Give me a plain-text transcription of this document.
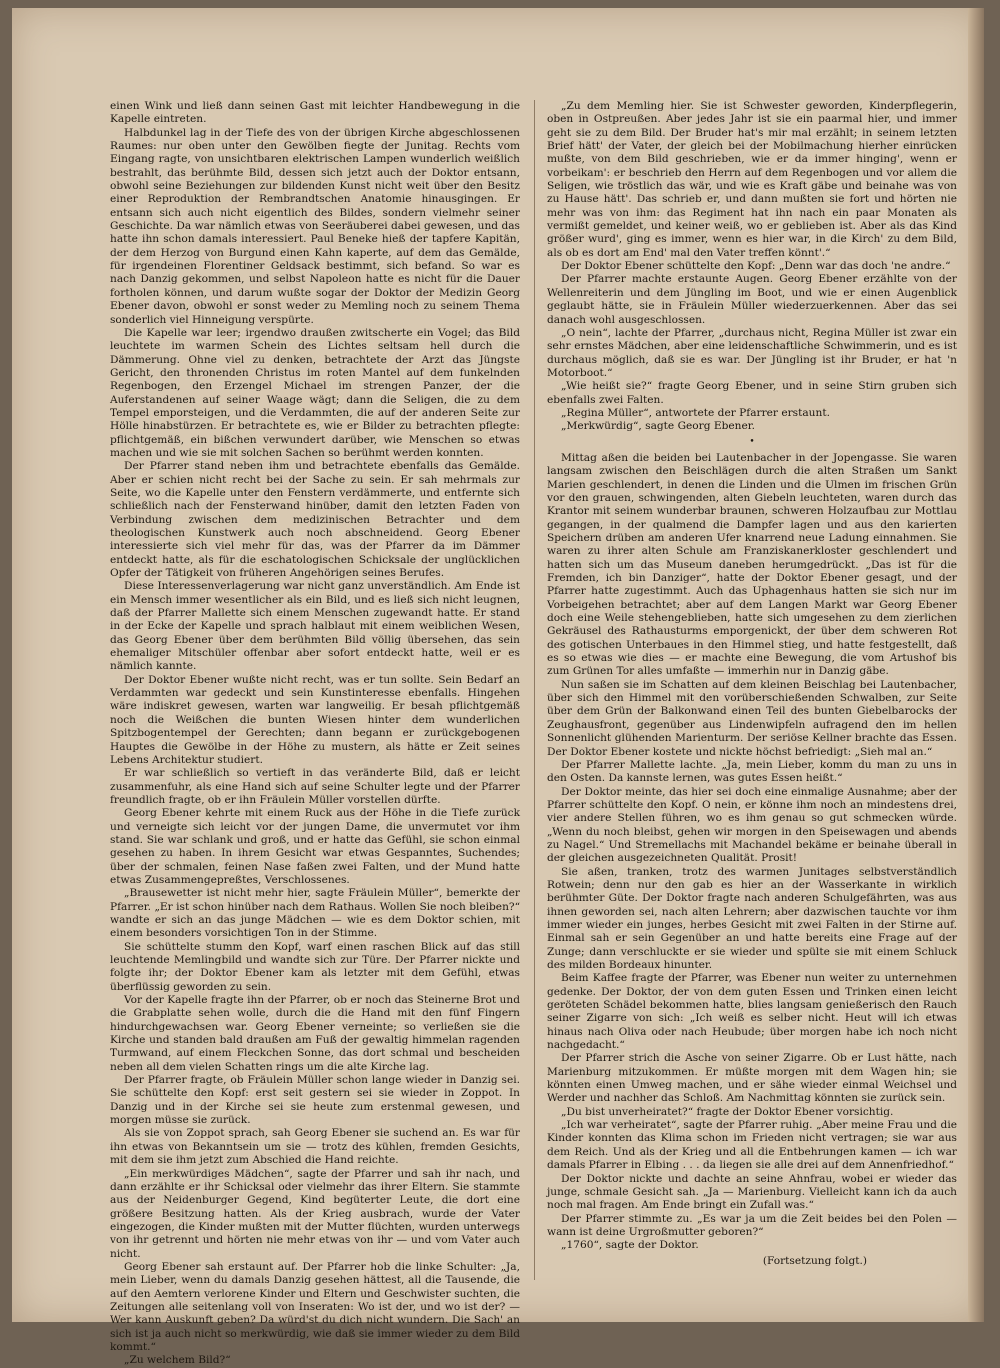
einen Wink und ließ dann seinen Gast mit leichter Handbewegung in die Kapelle eintreten.

Halbdunkel lag in der Tiefe des von der übrigen Kirche abgeschlossenen Raumes: nur oben unter den Gewölben fiegte der Junitag. Rechts vom Eingang ragte, von unsichtbaren elektrischen Lampen wunderlich weißlich bestrahlt, das berühmte Bild, dessen sich jetzt auch der Doktor entsann, obwohl seine Beziehungen zur bildenden Kunst nicht weit über den Besitz einer Reproduktion der Rembrandtschen Anatomie hinausgingen. Er entsann sich auch nicht eigentlich des Bildes, sondern vielmehr seiner Geschichte. Da war nämlich etwas von Seeräuberei dabei gewesen, und das hatte ihn schon damals interessiert. Paul Beneke hieß der tapfere Kapitän, der dem Herzog von Burgund einen Kahn kaperte, auf dem das Gemälde, für irgendeinen Florentiner Geldsack bestimmt, sich befand. So war es nach Danzig gekommen, und selbst Napoleon hatte es nicht für die Dauer fortholen können, und darum wußte sogar der Doktor der Medizin Georg Ebener davon, obwohl er sonst weder zu Memling noch zu seinem Thema sonderlich viel Hinneigung verspürte.

Die Kapelle war leer; irgendwo draußen zwitscherte ein Vogel; das Bild leuchtete im warmen Schein des Lichtes seltsam hell durch die Dämmerung. Ohne viel zu denken, betrachtete der Arzt das Jüngste Gericht, den thronenden Christus im roten Mantel auf dem funkelnden Regenbogen, den Erzengel Michael im strengen Panzer, der die Auferstandenen auf seiner Waage wägt; dann die Seligen, die zu dem Tempel emporsteigen, und die Verdammten, die auf der anderen Seite zur Hölle hinabstürzen. Er betrachtete es, wie er Bilder zu betrachten pflegte: pflichtgemäß, ein bißchen verwundert darüber, wie Menschen so etwas machen und wie sie mit solchen Sachen so berühmt werden konnten.

Der Pfarrer stand neben ihm und betrachtete ebenfalls das Gemälde. Aber er schien nicht recht bei der Sache zu sein. Er sah mehrmals zur Seite, wo die Kapelle unter den Fenstern verdämmerte, und entfernte sich schließlich nach der Fensterwand hinüber, damit den letzten Faden von Verbindung zwischen dem medizinischen Betrachter und dem theologischen Kunstwerk auch noch abschneidend. Georg Ebener interessierte sich viel mehr für das, was der Pfarrer da im Dämmer entdeckt hatte, als für die eschatologischen Schicksale der unglücklichen Opfer der Tätigkeit von früheren Angehörigen seines Berufes.

Diese Interessenverlagerung war nicht ganz unverständlich. Am Ende ist ein Mensch immer wesentlicher als ein Bild, und es ließ sich nicht leugnen, daß der Pfarrer Mallette sich einem Menschen zugewandt hatte. Er stand in der Ecke der Kapelle und sprach halblaut mit einem weiblichen Wesen, das Georg Ebener über dem berühmten Bild völlig übersehen, das sein ehemaliger Mitschüler offenbar aber sofort entdeckt hatte, weil er es nämlich kannte.

Der Doktor Ebener wußte nicht recht, was er tun sollte. Sein Bedarf an Verdammten war gedeckt und sein Kunstinteresse ebenfalls. Hingehen wäre indiskret gewesen, warten war langweilig. Er besah pflichtgemäß noch die Weißchen die bunten Wiesen hinter dem wunderlichen Spitzbogentempel der Gerechten; dann begann er zurückgebogenen Hauptes die Gewölbe in der Höhe zu mustern, als hätte er Zeit seines Lebens Architektur studiert.

Er war schließlich so vertieft in das veränderte Bild, daß er leicht zusammenfuhr, als eine Hand sich auf seine Schulter legte und der Pfarrer freundlich fragte, ob er ihn Fräulein Müller vorstellen dürfte.

Georg Ebener kehrte mit einem Ruck aus der Höhe in die Tiefe zurück und verneigte sich leicht vor der jungen Dame, die unvermutet vor ihm stand. Sie war schlank und groß, und er hatte das Gefühl, sie schon einmal gesehen zu haben. In ihrem Gesicht war etwas Gespanntes, Suchendes; über der schmalen, feinen Nase faßen zwei Falten, und der Mund hatte etwas Zusammengepreßtes, Verschlossenes.

„Brausewetter ist nicht mehr hier, sagte Fräulein Müller“, bemerkte der Pfarrer. „Er ist schon hinüber nach dem Rathaus. Wollen Sie noch bleiben?“ wandte er sich an das junge Mädchen — wie es dem Doktor schien, mit einem besonders vorsichtigen Ton in der Stimme.

Sie schüttelte stumm den Kopf, warf einen raschen Blick auf das still leuchtende Memlingbild und wandte sich zur Türe. Der Pfarrer nickte und folgte ihr; der Doktor Ebener kam als letzter mit dem Gefühl, etwas überflüssig geworden zu sein.

Vor der Kapelle fragte ihn der Pfarrer, ob er noch das Steinerne Brot und die Grabplatte sehen wolle, durch die die Hand mit den fünf Fingern hindurchgewachsen war. Georg Ebener verneinte; so verließen sie die Kirche und standen bald draußen am Fuß der gewaltig himmelan ragenden Turmwand, auf einem Fleckchen Sonne, das dort schmal und bescheiden neben all dem vielen Schatten rings um die alte Kirche lag.

Der Pfarrer fragte, ob Fräulein Müller schon lange wieder in Danzig sei. Sie schüttelte den Kopf: erst seit gestern sei sie wieder in Zoppot. In Danzig und in der Kirche sei sie heute zum erstenmal gewesen, und morgen müsse sie zurück.

Als sie von Zoppot sprach, sah Georg Ebener sie suchend an. Es war für ihn etwas von Bekanntsein um sie — trotz des kühlen, fremden Gesichts, mit dem sie ihm jetzt zum Abschied die Hand reichte.

„Ein merkwürdiges Mädchen“, sagte der Pfarrer und sah ihr nach, und dann erzählte er ihr Schicksal oder vielmehr das ihrer Eltern. Sie stammte aus der Neidenburger Gegend, Kind begüterter Leute, die dort eine größere Besitzung hatten. Als der Krieg ausbrach, wurde der Vater eingezogen, die Kinder mußten mit der Mutter flüchten, wurden unterwegs von ihr getrennt und hörten nie mehr etwas von ihr — und vom Vater auch nicht.

Georg Ebener sah erstaunt auf. Der Pfarrer hob die linke Schulter: „Ja, mein Lieber, wenn du damals Danzig gesehen hättest, all die Tausende, die auf den Aemtern verlorene Kinder und Eltern und Geschwister suchten, die Zeitungen alle seitenlang voll von Inseraten: Wo ist der, und wo ist der? — Wer kann Auskunft geben? Da würd'st du dich nicht wundern. Die Sach' an sich ist ja auch nicht so merkwürdig, wie daß sie immer wieder zu dem Bild kommt.“

„Zu welchem Bild?“

„Zu dem Memling hier. Sie ist Schwester geworden, Kinderpflegerin, oben in Ostpreußen. Aber jedes Jahr ist sie ein paarmal hier, und immer geht sie zu dem Bild. Der Bruder hat's mir mal erzählt; in seinem letzten Brief hätt' der Vater, der gleich bei der Mobilmachung hierher einrücken mußte, von dem Bild geschrieben, wie er da immer hinging', wenn er vorbeikam': er beschrieb den Herrn auf dem Regenbogen und vor allem die Seligen, wie tröstlich das wär, und wie es Kraft gäbe und beinahe was von zu Hause hätt'. Das schrieb er, und dann mußten sie fort und hörten nie mehr was von ihm: das Regiment hat ihn nach ein paar Monaten als vermißt gemeldet, und keiner weiß, wo er geblieben ist. Aber als das Kind größer wurd', ging es immer, wenn es hier war, in die Kirch' zu dem Bild, als ob es dort am End' mal den Vater treffen könnt'.“

Der Doktor Ebener schüttelte den Kopf: „Denn war das doch 'ne andre.“

Der Pfarrer machte erstaunte Augen. Georg Ebener erzählte von der Wellenreiterin und dem Jüngling im Boot, und wie er einen Augenblick geglaubt hätte, sie in Fräulein Müller wiederzuerkennen. Aber das sei danach wohl ausgeschlossen.

„O nein“, lachte der Pfarrer, „durchaus nicht, Regina Müller ist zwar ein sehr ernstes Mädchen, aber eine leidenschaftliche Schwimmerin, und es ist durchaus möglich, daß sie es war. Der Jüngling ist ihr Bruder, er hat 'n Motorboot.“

„Wie heißt sie?“ fragte Georg Ebener, und in seine Stirn gruben sich ebenfalls zwei Falten.

„Regina Müller“, antwortete der Pfarrer erstaunt.

„Merkwürdig“, sagte Georg Ebener.

•

Mittag aßen die beiden bei Lautenbacher in der Jopengasse. Sie waren langsam zwischen den Beischlägen durch die alten Straßen um Sankt Marien geschlendert, in denen die Linden und die Ulmen im frischen Grün vor den grauen, schwingenden, alten Giebeln leuchteten, waren durch das Krantor mit seinem wunderbar braunen, schweren Holzaufbau zur Mottlau gegangen, in der qualmend die Dampfer lagen und aus den karierten Speichern drüben am anderen Ufer knarrend neue Ladung einnahmen. Sie waren zu ihrer alten Schule am Franziskanerkloster geschlendert und hatten sich um das Museum daneben herumgedrückt. „Das ist für die Fremden, ich bin Danziger“, hatte der Doktor Ebener gesagt, und der Pfarrer hatte zugestimmt. Auch das Uphagenhaus hatten sie sich nur im Vorbeigehen betrachtet; aber auf dem Langen Markt war Georg Ebener doch eine Weile stehengeblieben, hatte sich umgesehen zu dem zierlichen Gekräusel des Rathausturms emporgenickt, der über dem schweren Rot des gotischen Unterbaues in den Himmel stieg, und hatte festgestellt, daß es so etwas wie dies — er machte eine Bewegung, die vom Artushof bis zum Grünen Tor alles umfaßte — immerhin nur in Danzig gäbe.

Nun saßen sie im Schatten auf dem kleinen Beischlag bei Lautenbacher, über sich den Himmel mit den vorüberschießenden Schwalben, zur Seite über dem Grün der Balkonwand einen Teil des bunten Giebelbarocks der Zeughausfront, gegenüber aus Lindenwipfeln aufragend den im hellen Sonnenlicht glühenden Marienturm. Der seriöse Kellner brachte das Essen. Der Doktor Ebener kostete und nickte höchst befriedigt: „Sieh mal an.“

Der Pfarrer Mallette lachte. „Ja, mein Lieber, komm du man zu uns in den Osten. Da kannste lernen, was gutes Essen heißt.“

Der Doktor meinte, das hier sei doch eine einmalige Ausnahme; aber der Pfarrer schüttelte den Kopf. O nein, er könne ihm noch an mindestens drei, vier andere Stellen führen, wo es ihm genau so gut schmecken würde. „Wenn du noch bleibst, gehen wir morgen in den Speisewagen und abends zu Nagel.“ Und Stremellachs mit Machandel bekäme er beinahe überall in der gleichen ausgezeichneten Qualität. Prosit!

Sie aßen, tranken, trotz des warmen Junitages selbstverständlich Rotwein; denn nur den gab es hier an der Wasserkante in wirklich berühmter Güte. Der Doktor fragte nach anderen Schulgefährten, was aus ihnen geworden sei, nach alten Lehrern; aber dazwischen tauchte vor ihm immer wieder ein junges, herbes Gesicht mit zwei Falten in der Stirne auf. Einmal sah er sein Gegenüber an und hatte bereits eine Frage auf der Zunge; dann verschluckte er sie wieder und spülte sie mit einem Schluck des milden Bordeaux hinunter.

Beim Kaffee fragte der Pfarrer, was Ebener nun weiter zu unternehmen gedenke. Der Doktor, der von dem guten Essen und Trinken einen leicht geröteten Schädel bekommen hatte, blies langsam genießerisch den Rauch seiner Zigarre von sich: „Ich weiß es selber nicht. Heut will ich etwas hinaus nach Oliva oder nach Heubude; über morgen habe ich noch nicht nachgedacht.“

Der Pfarrer strich die Asche von seiner Zigarre. Ob er Lust hätte, nach Marienburg mitzukommen. Er müßte morgen mit dem Wagen hin; sie könnten einen Umweg machen, und er sähe wieder einmal Weichsel und Werder und nachher das Schloß. Am Nachmittag könnten sie zurück sein.

„Du bist unverheiratet?“ fragte der Doktor Ebener vorsichtig.

„Ich war verheiratet“, sagte der Pfarrer ruhig. „Aber meine Frau und die Kinder konnten das Klima schon im Frieden nicht vertragen; sie war aus dem Reich. Und als der Krieg und all die Entbehrungen kamen — ich war damals Pfarrer in Elbing . . . da liegen sie alle drei auf dem Annenfriedhof.“

Der Doktor nickte und dachte an seine Ahnfrau, wobei er wieder das junge, schmale Gesicht sah. „Ja — Marienburg. Vielleicht kann ich da auch noch mal fragen. Am Ende bringt ein Zufall was.“

Der Pfarrer stimmte zu. „Es war ja um die Zeit beides bei den Polen — wann ist deine Urgroßmutter geboren?“

„1760“, sagte der Doktor.

(Fortsetzung folgt.)
